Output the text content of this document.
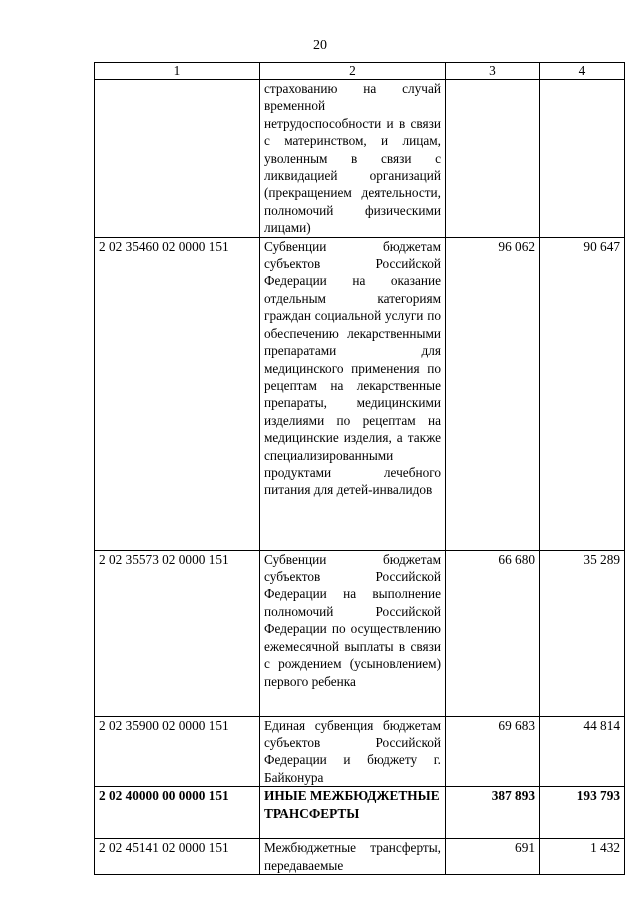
20
1	2	3	4

	страхованию на случай временной нетрудоспособности и в связи с материнством, и лицам, уволенным в связи с ликвидацией организаций (прекращением деятельности, полномочий физическими лицами)		

2 02 35460 02 0000 151	Субвенции бюджетам субъектов Российской Федерации на оказание отдельным категориям граждан социальной услуги по обеспечению лекарственными препаратами для медицинского применения по рецептам на лекарственные препараты, медицинскими изделиями по рецептам на медицинские изделия, а также специализированными продуктами лечебного питания для детей-инвалидов	96 062	90 647
2 02 35573 02 0000 151	Субвенции бюджетам субъектов Российской Федерации на выполнение полномочий Российской Федерации по осуществлению ежемесячной выплаты в связи с рождением (усыновлением) первого ребенка	66 680	35 289
2 02 35900 02 0000 151	Единая субвенция бюджетам субъектов Российской Федерации и бюджету г. Байконура	69 683	44 814
2 02 40000 00 0000 151	ИНЫЕ МЕЖБЮДЖЕТНЫЕ ТРАНСФЕРТЫ	387 893	193 793
2 02 45141 02 0000 151	Межбюджетные трансферты, передаваемые	691	1 432
